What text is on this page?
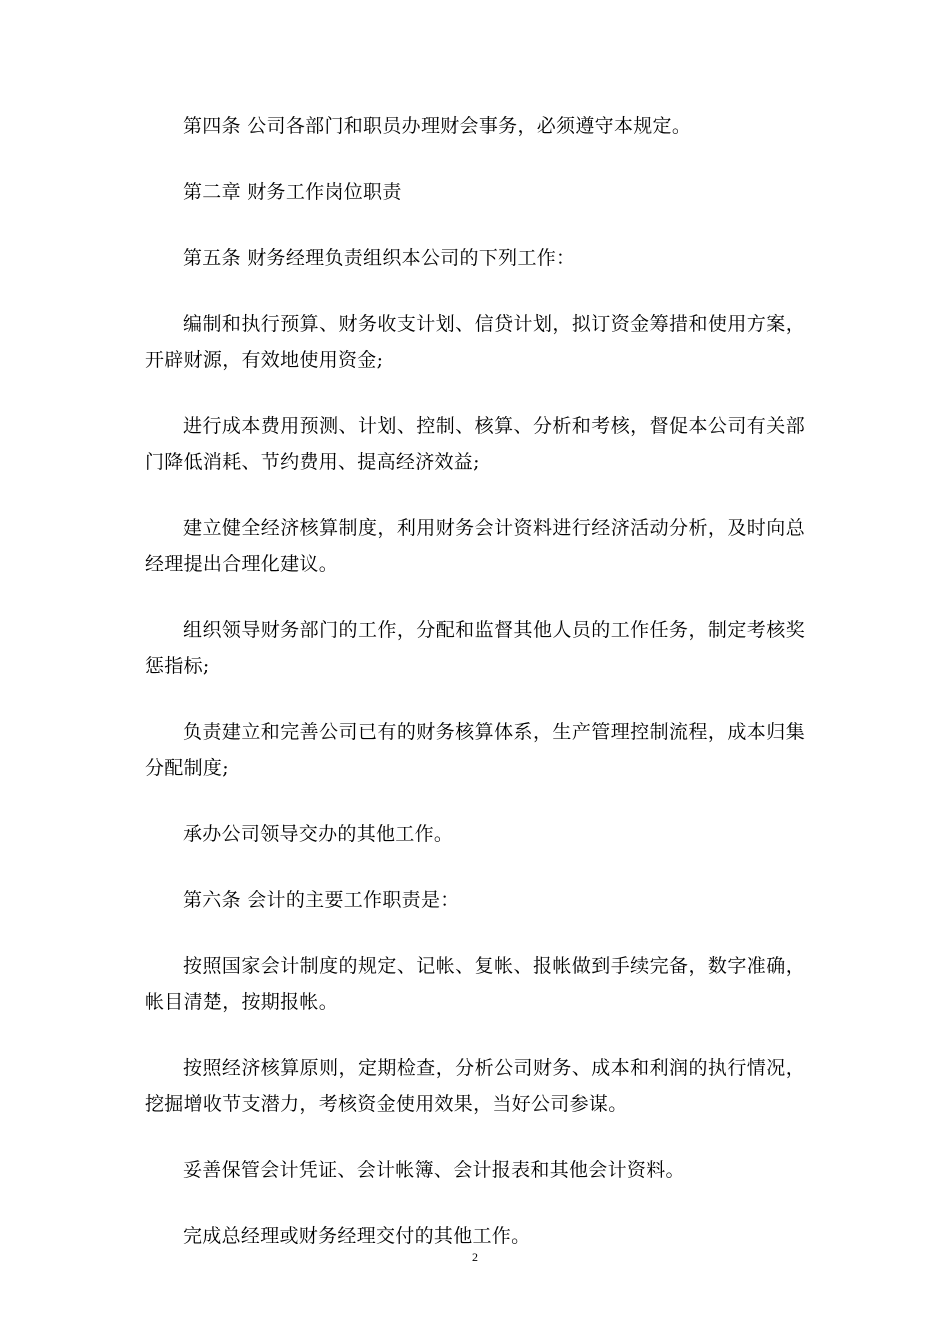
第四条 公司各部门和职员办理财会事务，必须遵守本规定。

第二章 财务工作岗位职责

第五条 财务经理负责组织本公司的下列工作：

编制和执行预算、财务收支计划、信贷计划，拟订资金筹措和使用方案，开辟财源，有效地使用资金;

进行成本费用预测、计划、控制、核算、分析和考核，督促本公司有关部门降低消耗、节约费用、提高经济效益;

建立健全经济核算制度，利用财务会计资料进行经济活动分析，及时向总经理提出合理化建议。

组织领导财务部门的工作，分配和监督其他人员的工作任务，制定考核奖惩指标;

负责建立和完善公司已有的财务核算体系，生产管理控制流程，成本归集分配制度;

承办公司领导交办的其他工作。

第六条 会计的主要工作职责是：

按照国家会计制度的规定、记帐、复帐、报帐做到手续完备，数字准确，帐目清楚，按期报帐。

按照经济核算原则，定期检查，分析公司财务、成本和利润的执行情况，挖掘增收节支潜力，考核资金使用效果，当好公司参谋。

妥善保管会计凭证、会计帐簿、会计报表和其他会计资料。

完成总经理或财务经理交付的其他工作。

2
